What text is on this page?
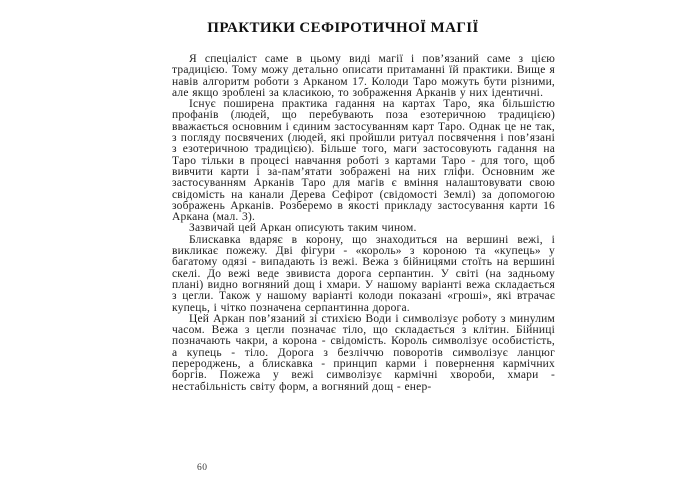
ПРАКТИКИ СЕФІРОТИЧНОЇ МАГІЇ

Я спеціаліст саме в цьому виді магії і пов’язаний саме з цією традицією. Тому можу детально описати притаманні їй практики. Вище я навів алгоритм роботи з Арканом 17. Колоди Таро можуть бути різними, але якщо зроблені за класикою, то зображення Арканів у них ідентичні.

Існує поширена практика гадання на картах Таро, яка більшістю профанів (людей, що перебувають поза езотеричною традицією) вважається основним і єдиним застосуванням карт Таро. Однак це не так, з погляду посвячених (людей, які пройшли ритуал посвячення і пов’язані з езотеричною традицією). Більше того, маги застосовують гадання на Таро тільки в процесі навчання роботі з картами Таро - для того, щоб вивчити карти і за-пам’ятати зображені на них гліфи. Основним же застосуванням Арканів Таро для магів є вміння налаштовувати свою свідомість на канали Дерева Сефірот (свідомості Землі) за допомогою зображень Арканів. Розберемо в якості прикладу застосування карти 16 Аркана (мал. 3).

Зазвичай цей Аркан описують таким чином.

Блискавка вдаряє в корону, що знаходиться на вершині вежі, і викликає пожежу. Дві фігури - «король» з короною та «купець» у багатому одязі - випадають із вежі. Вежа з бійницями стоїть на вершині скелі. До вежі веде звивиста дорога серпантин. У світі (на задньому плані) видно вогняний дощ і хмари. У нашому варіанті вежа складається з цегли. Також у нашому варіанті колоди показані «гроші», які втрачає купець, і чітко позначена серпантинна дорога.

Цей Аркан пов’язаний зі стихією Води і символізує роботу з минулим часом. Вежа з цегли позначає тіло, що складається з клітин. Бійниці позначають чакри, а корона - свідомість. Король символізує особистість, а купець - тіло. Дорога з безліччю поворотів символізує ланцюг перероджень, а блискавка - принцип карми і повернення кармічних боргів. Пожежа у вежі символізує кармічні хвороби, хмари - нестабільність світу форм, а вогняний дощ - енер-

60
